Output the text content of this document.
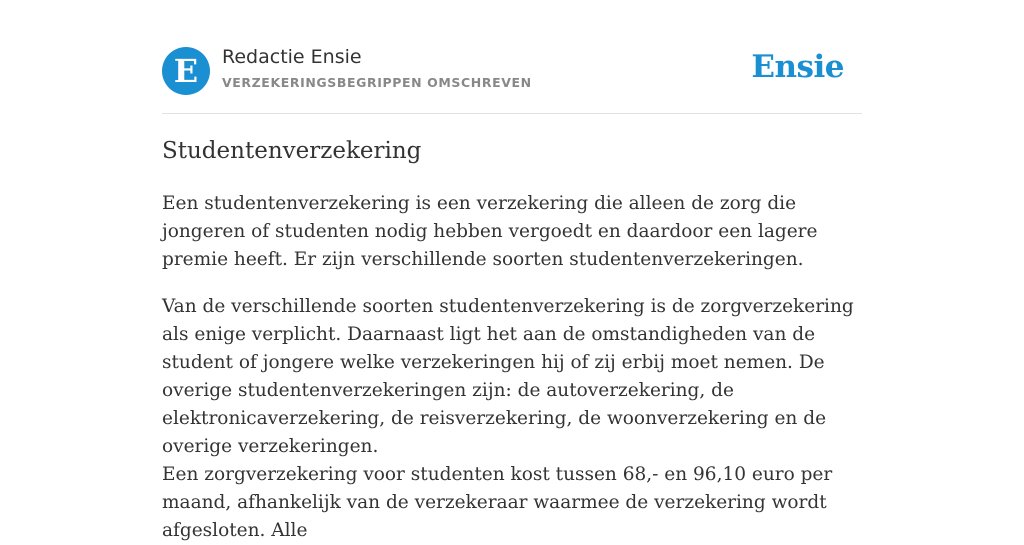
E	Redactie Ensie
VERZEKERINGSBEGRIPPEN OMSCHREVEN	Ensie
Studentenverzekering

Een studentenverzekering is een verzekering die alleen de zorg die jongeren of studenten nodig hebben vergoedt en daardoor een lagere premie heeft. Er zijn verschillende soorten studentenverzekeringen.

Van de verschillende soorten studentenverzekering is de zorgverzekering als enige verplicht. Daarnaast ligt het aan de omstandigheden van de student of jongere welke verzekeringen hij of zij erbij moet nemen. De overige studentenverzekeringen zijn: de autoverzekering, de elektronicaverzekering, de reisverzekering, de woonverzekering en de overige verzekeringen.

Een zorgverzekering voor studenten kost tussen 68,- en 96,10 euro per maand, afhankelijk van de verzekeraar waarmee de verzekering wordt afgesloten. Alle
